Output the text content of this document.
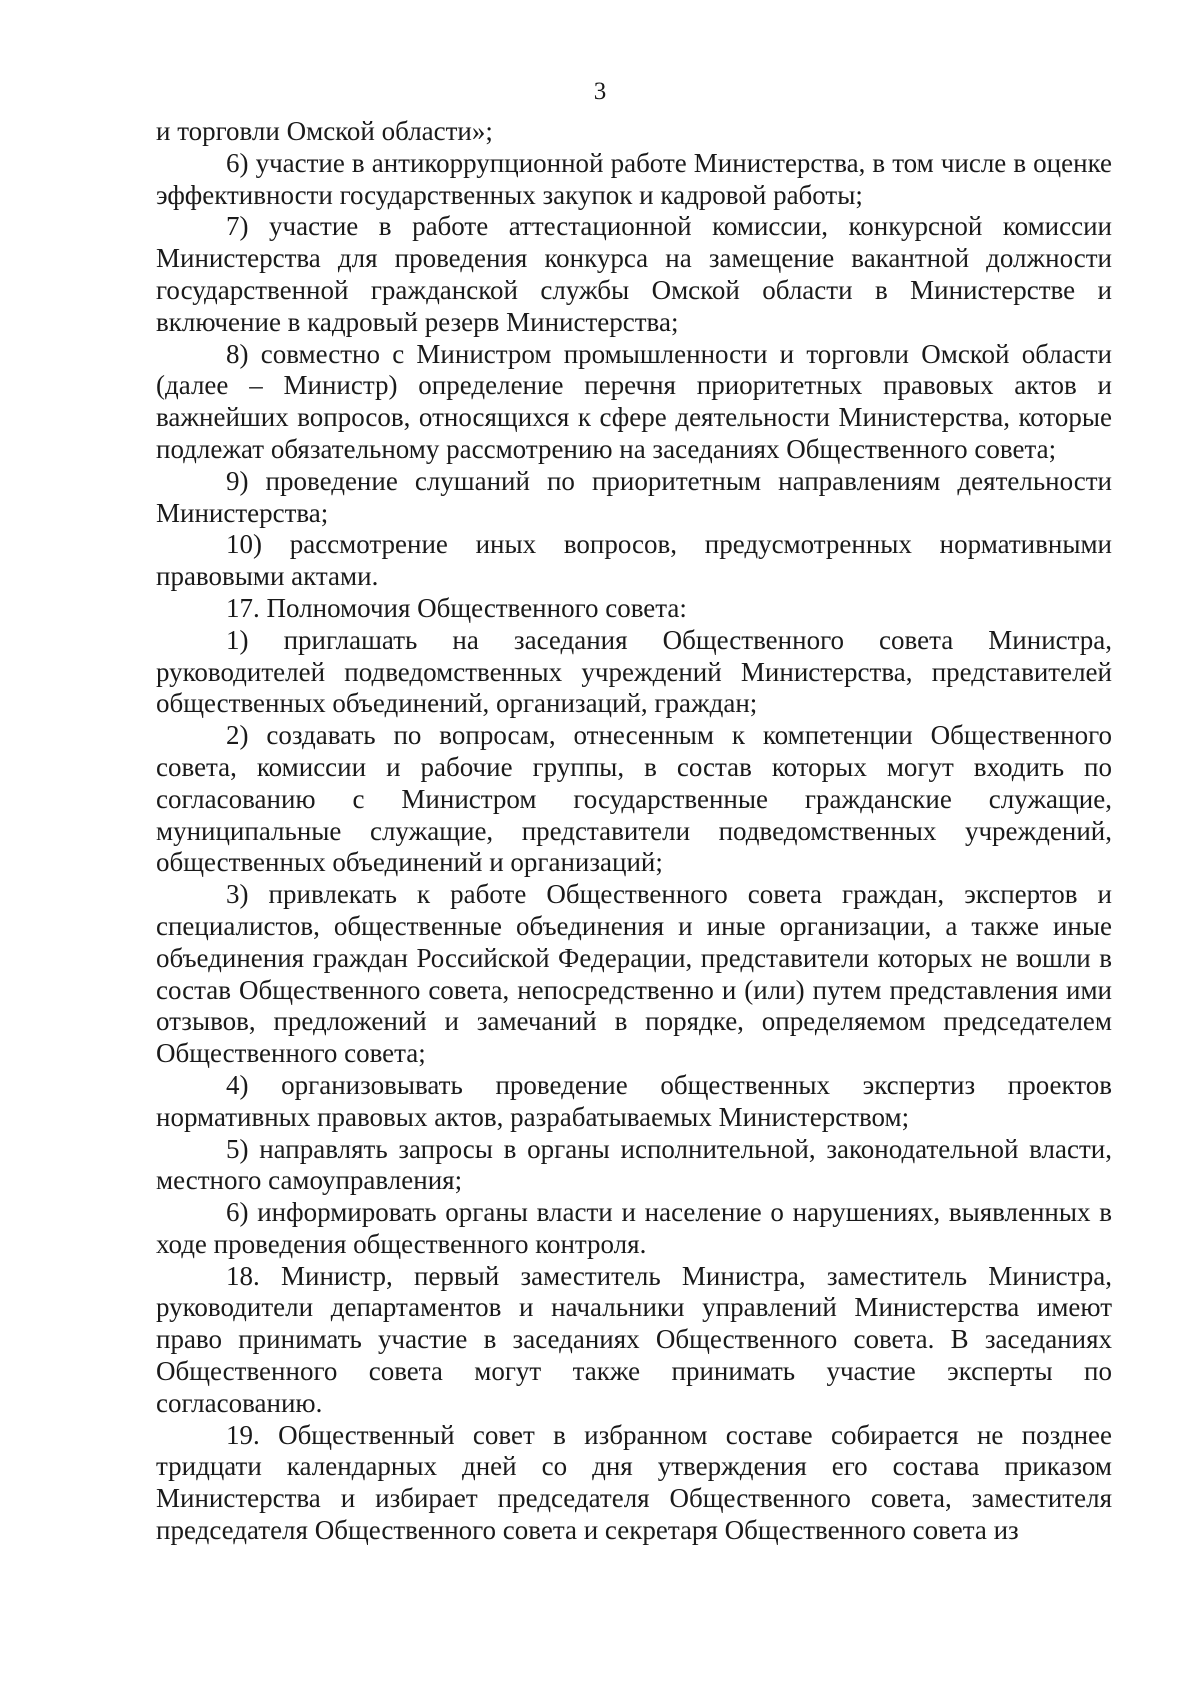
3

и торговли Омской области»;

6) участие в антикоррупционной работе Министерства, в том числе в оценке эффективности государственных закупок и кадровой работы;

7) участие в работе аттестационной комиссии, конкурсной комиссии Министерства для проведения конкурса на замещение вакантной должности государственной гражданской службы Омской области в Министерстве и включение в кадровый резерв Министерства;

8) совместно с Министром промышленности и торговли Омской области (далее – Министр) определение перечня приоритетных правовых актов и важнейших вопросов, относящихся к сфере деятельности Министерства, которые подлежат обязательному рассмотрению на заседаниях Общественного совета;

9) проведение слушаний по приоритетным направлениям деятельности Министерства;

10) рассмотрение иных вопросов, предусмотренных нормативными правовыми актами.

17. Полномочия Общественного совета:

1) приглашать на заседания Общественного совета Министра, руководителей подведомственных учреждений Министерства, представителей общественных объединений, организаций, граждан;

2) создавать по вопросам, отнесенным к компетенции Общественного совета, комиссии и рабочие группы, в состав которых могут входить по согласованию с Министром государственные гражданские служащие, муниципальные служащие, представители подведомственных учреждений, общественных объединений и организаций;

3) привлекать к работе Общественного совета граждан, экспертов и специалистов, общественные объединения и иные организации, а также иные объединения граждан Российской Федерации, представители которых не вошли в состав Общественного совета, непосредственно и (или) путем представления ими отзывов, предложений и замечаний в порядке, определяемом председателем Общественного совета;

4) организовывать проведение общественных экспертиз проектов нормативных правовых актов, разрабатываемых Министерством;

5) направлять запросы в органы исполнительной, законодательной власти, местного самоуправления;

6) информировать органы власти и население о нарушениях, выявленных в ходе проведения общественного контроля.

18. Министр, первый заместитель Министра, заместитель Министра, руководители департаментов и начальники управлений Министерства имеют право принимать участие в заседаниях Общественного совета. В заседаниях Общественного совета могут также принимать участие эксперты по согласованию.

19. Общественный совет в избранном составе собирается не позднее тридцати календарных дней со дня утверждения его состава приказом Министерства и избирает председателя Общественного совета, заместителя председателя Общественного совета и секретаря Общественного совета из
